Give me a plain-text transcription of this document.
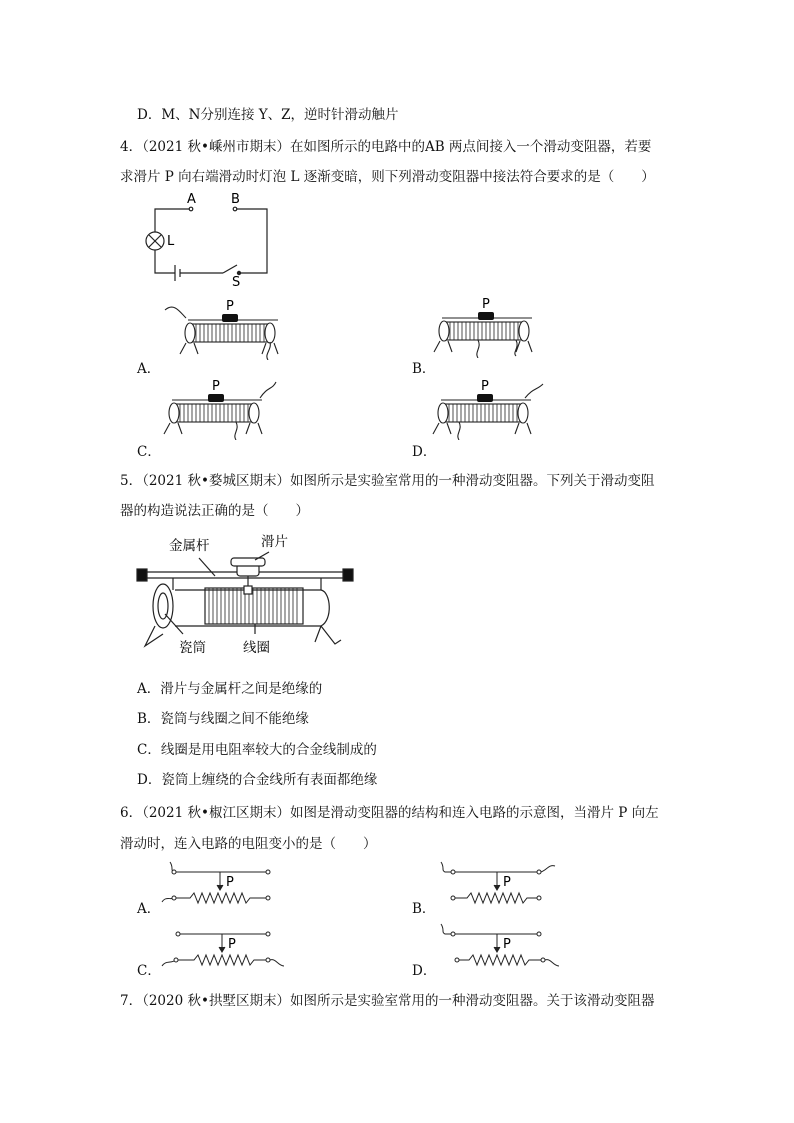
D．M、N分别连接 Y、Z，逆时针滑动触片
4．（2021 秋•嵊州市期末）在如图所示的电路中的AB 两点间接入一个滑动变阻器，若要
求滑片 P 向右端滑动时灯泡 L 逐渐变暗，则下列滑动变阻器中接法符合要求的是（　　）
A	B
L
S
P
A．
P
B．
P
C．
P
D．
5．（2021 秋•婺城区期末）如图所示是实验室常用的一种滑动变阻器。下列关于滑动变阻
器的构造说法正确的是（　　）
金属杆	滑片
瓷筒	线圈
A．滑片与金属杆之间是绝缘的
B．瓷筒与线圈之间不能绝缘
C．线圈是用电阻率较大的合金线制成的
D．瓷筒上缠绕的合金线所有表面都绝缘
6．（2021 秋•椒江区期末）如图是滑动变阻器的结构和连入电路的示意图，当滑片 P 向左
滑动时，连入电路的电阻变小的是（　　）
P
A．
P
B．
P
C．
P
D．
7．（2020 秋•拱墅区期末）如图所示是实验室常用的一种滑动变阻器。关于该滑动变阻器
